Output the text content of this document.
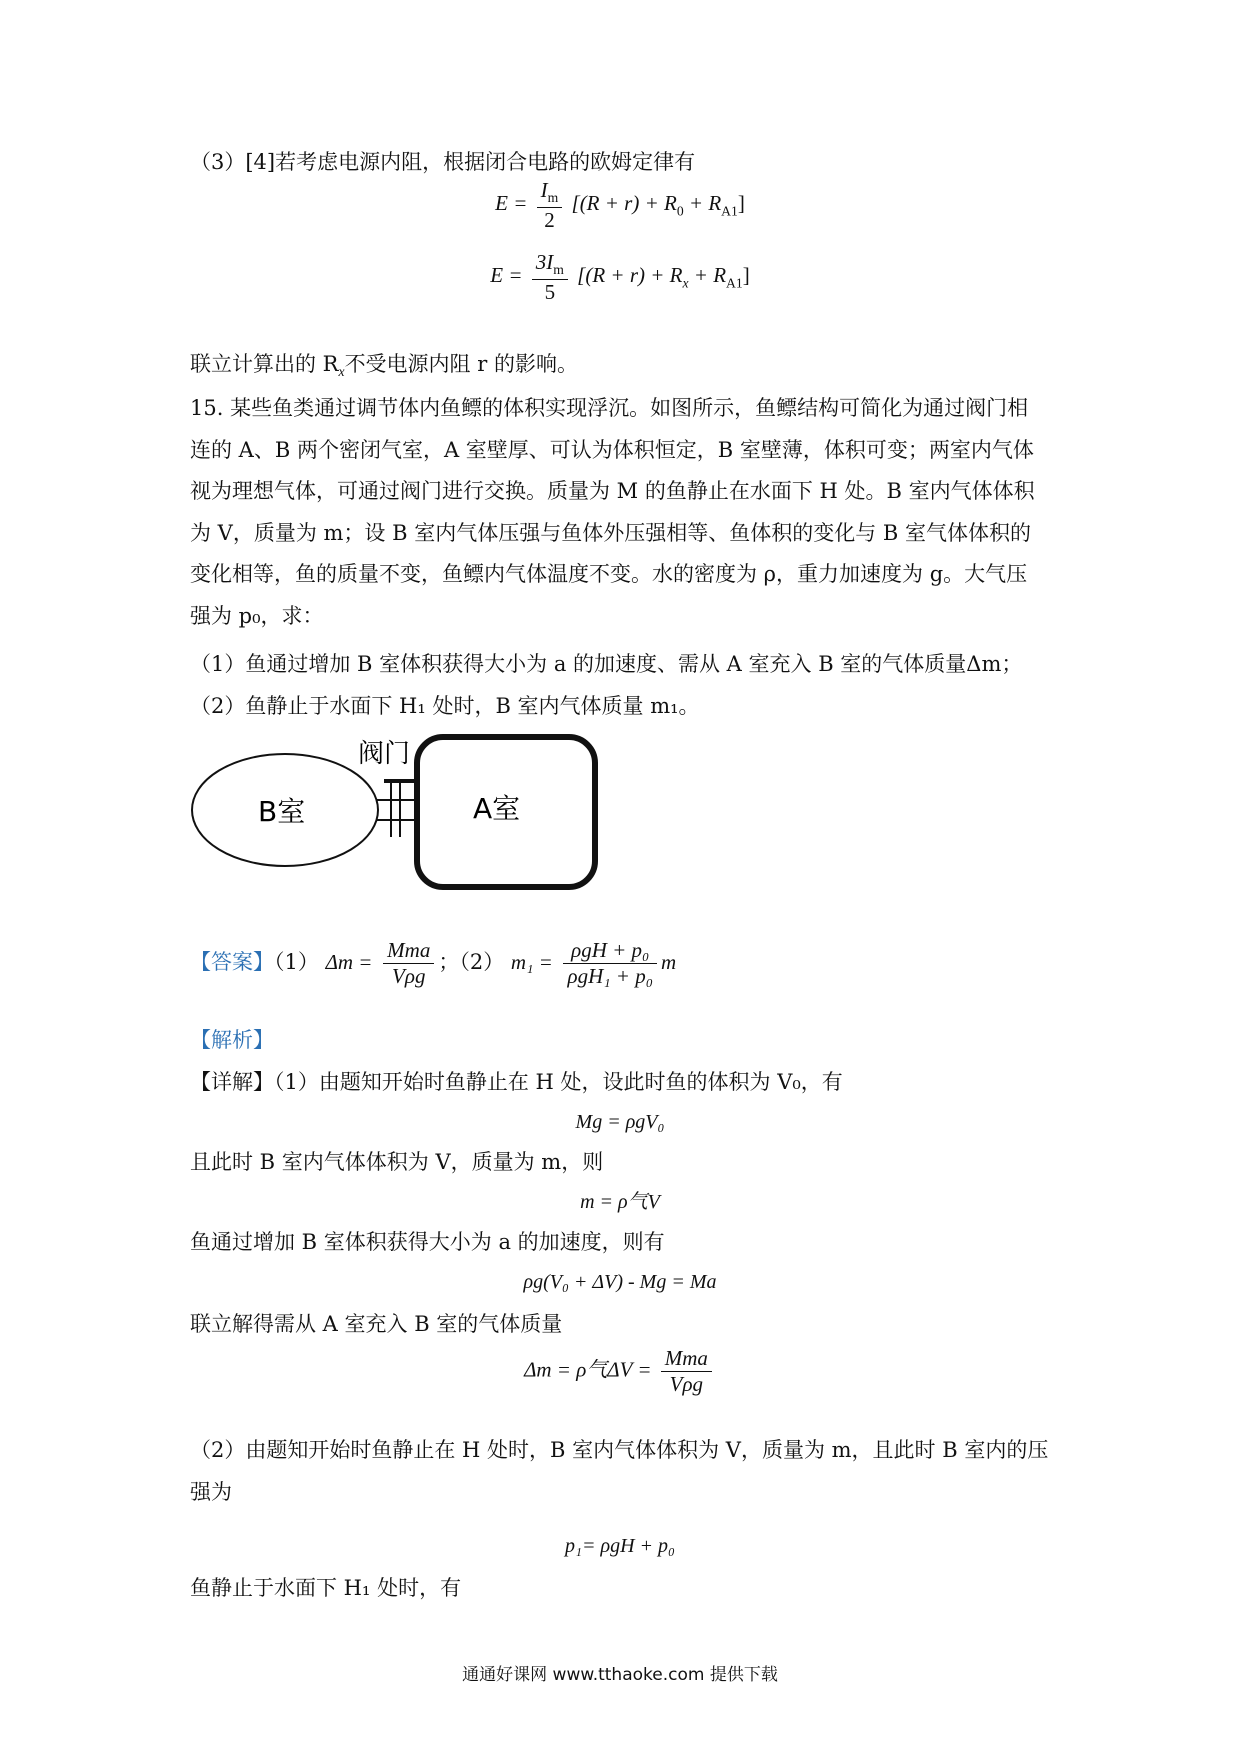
（3）[4]若考虑电源内阻，根据闭合电路的欧姆定律有
$E = \frac{I_m}{2} [(R + r) + R_0 + R_{A1}]$
$E = \frac{3I_m}{5} [(R + r) + R_x + R_{A1}]$
联立计算出的 $R_x$不受电源内阻 r 的影响。
15. 某些鱼类通过调节体内鱼鳔的体积实现浮沉。如图所示，鱼鳔结构可简化为通过阀门相
连的 A、B 两个密闭气室，A 室壁厚、可认为体积恒定，B 室壁薄，体积可变；两室内气体
视为理想气体，可通过阀门进行交换。质量为 M 的鱼静止在水面下 H 处。B 室内气体体积
为 V，质量为 m；设 B 室内气体压强与鱼体外压强相等、鱼体积的变化与 B 室气体体积的
变化相等，鱼的质量不变，鱼鳔内气体温度不变。水的密度为 ρ，重力加速度为 g。大气压
强为 p₀，求：
（1）鱼通过增加 B 室体积获得大小为 a 的加速度、需从 A 室充入 B 室的气体质量Δm；
（2）鱼静止于水面下 H₁ 处时，B 室内气体质量 m₁。
阀门
B室	A室
【答案】（1） $\Delta m = \frac{\text{Mma}}{\text{Vρg}}$ ；（2） $m_1 = \frac{\text{ρgH + p₀}}{\text{ρgH₁ + p₀}}$ m
【解析】
【详解】（1）由题知开始时鱼静止在 H 处，设此时鱼的体积为 V₀，有
Mg = ρgV₀
且此时 B 室内气体体积为 V，质量为 m，则
m = ρ气V
鱼通过增加 B 室体积获得大小为 a 的加速度，则有
ρg(V₀ + ΔV) - Mg = Ma
联立解得需从 A 室充入 B 室的气体质量
Δm = ρ气$\Delta V = \frac{\text{Mma}}{\text{Vρg}}$
（2）由题知开始时鱼静止在 H 处时，B 室内气体体积为 V，质量为 m，且此时 B 室内的压
强为
p₁= ρgH + p₀
鱼静止于水面下 H₁ 处时，有
通通好课网 www.tthaoke.com 提供下载
